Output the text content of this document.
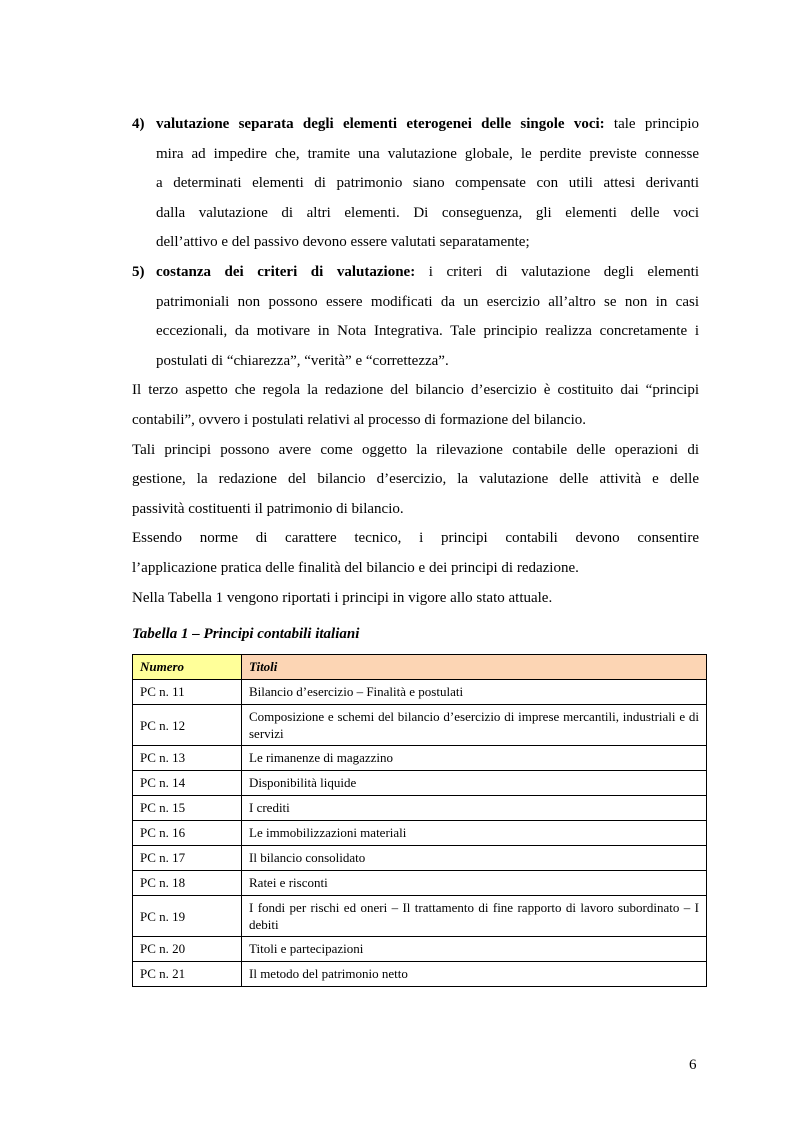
4) valutazione separata degli elementi eterogenei delle singole voci: tale principio
mira ad impedire che, tramite una valutazione globale, le perdite previste connesse
a determinati elementi di patrimonio siano compensate con utili attesi derivanti
dalla valutazione di altri elementi. Di conseguenza, gli elementi delle voci
dell’attivo e del passivo devono essere valutati separatamente;
5) costanza dei criteri di valutazione: i criteri di valutazione degli elementi
patrimoniali non possono essere modificati da un esercizio all’altro se non in casi
eccezionali, da motivare in Nota Integrativa. Tale principio realizza concretamente i
postulati di “chiarezza”, “verità” e “correttezza”.
Il terzo aspetto che regola la redazione del bilancio d’esercizio è costituito dai “principi
contabili”, ovvero i postulati relativi al processo di formazione del bilancio.
Tali principi possono avere come oggetto la rilevazione contabile delle operazioni di
gestione, la redazione del bilancio d’esercizio, la valutazione delle attività e delle
passività costituenti il patrimonio di bilancio.
Essendo norme di carattere tecnico, i principi contabili devono consentire
l’applicazione pratica delle finalità del bilancio e dei principi di redazione.
Nella Tabella 1 vengono riportati i principi in vigore allo stato attuale.
Tabella 1 – Principi contabili italiani
Numero	Titoli
PC n. 11	Bilancio d’esercizio – Finalità e postulati
PC n. 12	Composizione e schemi del bilancio d’esercizio di imprese mercantili, industriali e di servizi
PC n. 13	Le rimanenze di magazzino
PC n. 14	Disponibilità liquide
PC n. 15	I crediti
PC n. 16	Le immobilizzazioni materiali
PC n. 17	Il bilancio consolidato
PC n. 18	Ratei e risconti
PC n. 19	I fondi per rischi ed oneri – Il trattamento di fine rapporto di lavoro subordinato – I debiti
PC n. 20	Titoli e partecipazioni
PC n. 21	Il metodo del patrimonio netto
6
